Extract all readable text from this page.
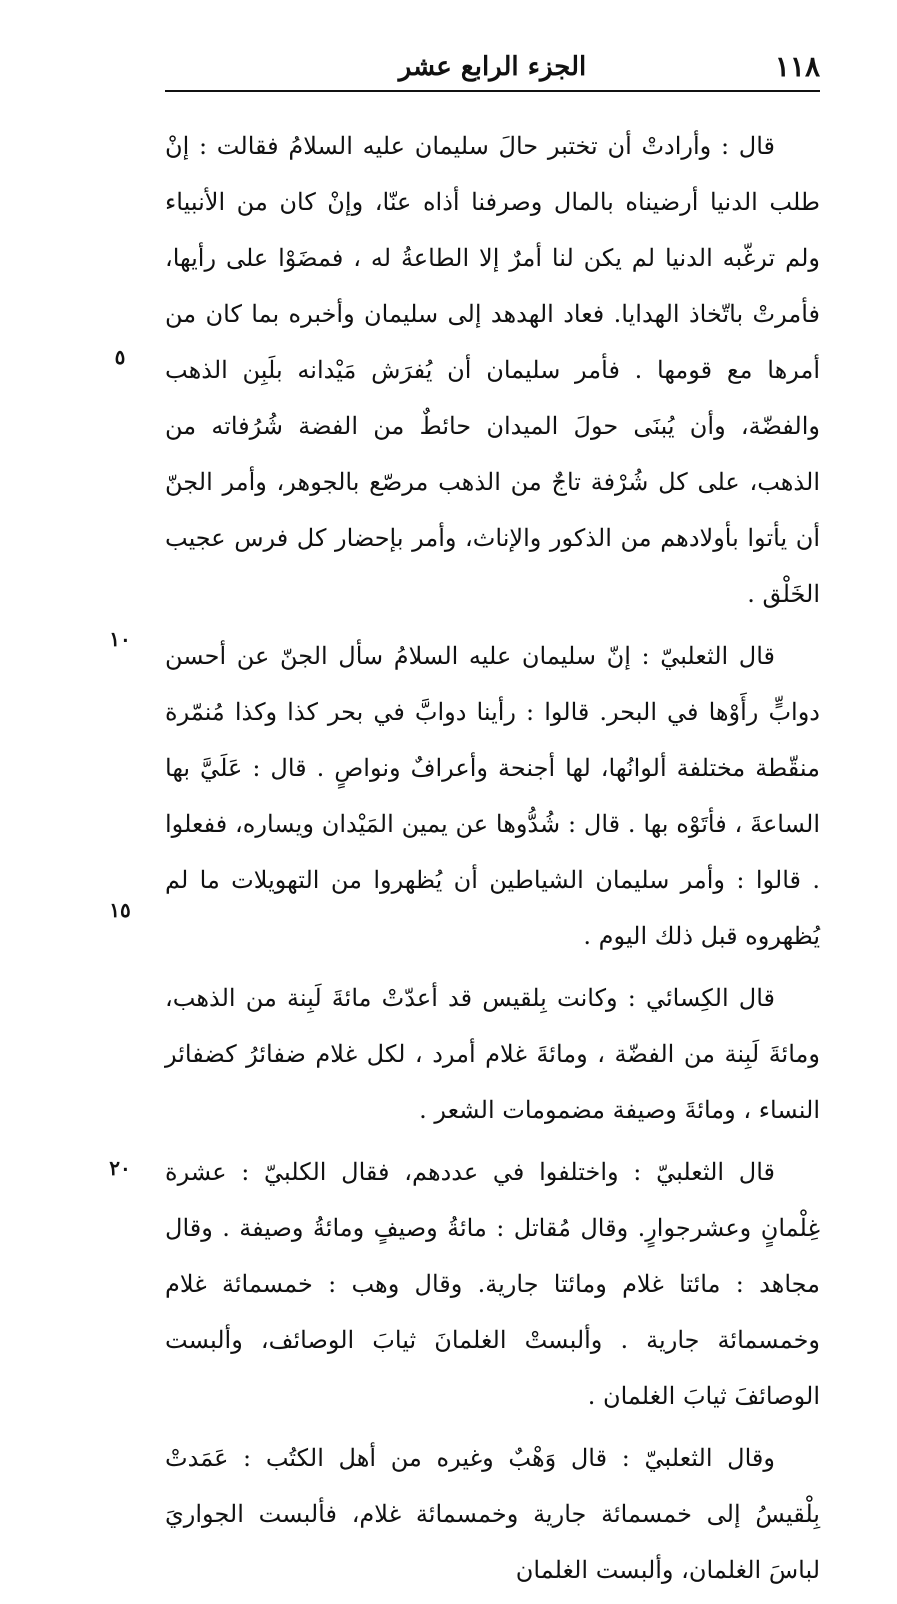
١١٨
الجزء الرابع عشر

قال : وأرادتْ أن تختبر حالَ سليمان عليه السلامُ فقالت : إنْ طلب الدنيا أرضيناه بالمال وصرفنا أذاه عنّا، وإنْ كان من الأنبياء ولم ترغّبه الدنيا لم يكن لنا أمرٌ إلا الطاعةُ له ، فمضَوْا على رأيها، فأمرتْ باتّخاذ الهدايا. فعاد الهدهد إلى سليمان وأخبره بما كان من أمرها مع قومها . فأمر سليمان أن يُفرَش مَيْدانه بلَبِن الذهب والفضّة، وأن يُبنَى حولَ الميدان حائطٌ من الفضة شُرُفاته من الذهب، على كل شُرْفة تاجٌ من الذهب مرصّع بالجوهر، وأمر الجنّ أن يأتوا بأولادهم من الذكور والإناث، وأمر بإحضار كل فرس عجيب الخَلْق .

قال الثعلبيّ : إنّ سليمان عليه السلامُ سأل الجنّ عن أحسن دوابٍّ رأَوْها في البحر. قالوا : رأينا دوابَّ في بحر كذا وكذا مُنمّرة منقّطة مختلفة ألوانُها، لها أجنحة وأعرافٌ ونواصٍ . قال : عَلَيَّ بها الساعةَ ، فأتَوْه بها . قال : شُدُّوها عن يمين المَيْدان ويساره، ففعلوا . قالوا : وأمر سليمان الشياطين أن يُظهروا من التهويلات ما لم يُظهروه قبل ذلك اليوم .

قال الكِسائي : وكانت بِلقيس قد أعدّتْ مائةَ لَبِنة من الذهب، ومائةَ لَبِنة من الفضّة ، ومائةَ غلام أمرد ، لكل غلام ضفائرُ كضفائر النساء ، ومائةَ وصيفة مضمومات الشعر .

قال الثعلبيّ : واختلفوا في عددهم، فقال الكلبيّ : عشرة غِلْمانٍ وعشرجوارٍ. وقال مُقاتل : مائةُ وصيفٍ ومائةُ وصيفة . وقال مجاهد : مائتا غلام ومائتا جارية. وقال وهب : خمسمائة غلام وخمسمائة جارية . وألبستْ الغلمانَ ثيابَ الوصائف، وألبست الوصائفَ ثيابَ الغلمان .

وقال الثعلبيّ : قال وَهْبٌ وغيره من أهل الكتُب : عَمَدتْ بِلْقيسُ إلى خمسمائة جارية وخمسمائة غلام، فألبست الجواريَ لباسَ الغلمان، وألبست الغلمان

٥
١٠
١٥
٢٠
